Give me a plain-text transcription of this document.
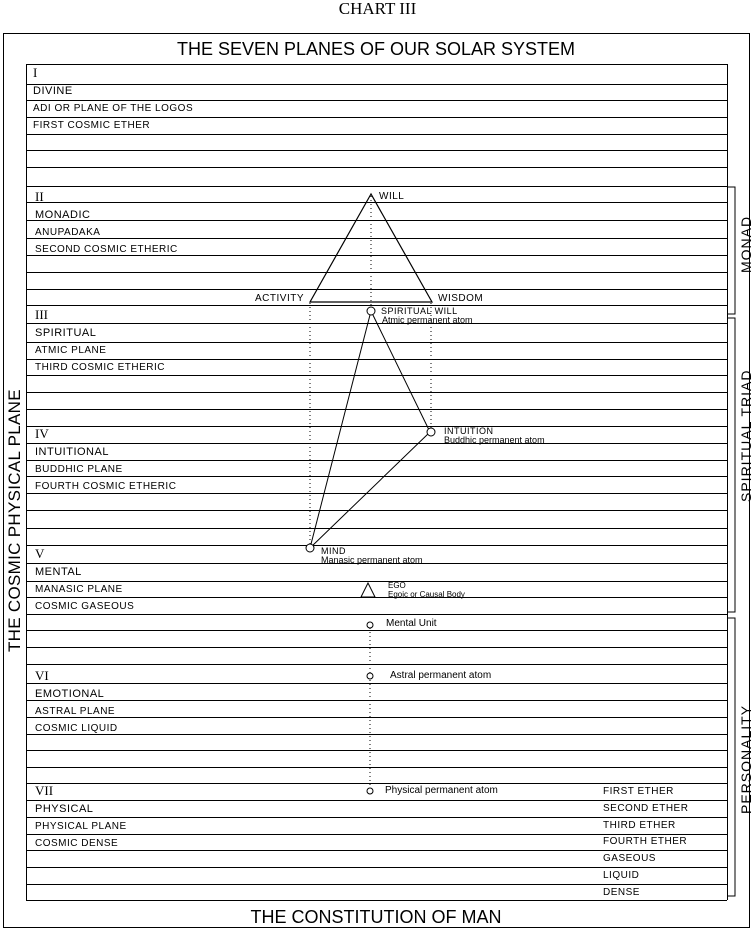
CHART III
THE SEVEN PLANES OF OUR SOLAR SYSTEM
THE CONSTITUTION OF MAN
I
DIVINE
ADI OR PLANE OF THE LOGOS
FIRST COSMIC ETHER
II
MONADIC
ANUPADAKA
SECOND COSMIC ETHERIC
III
SPIRITUAL
ATMIC PLANE
THIRD COSMIC ETHERIC
IV
INTUITIONAL
BUDDHIC PLANE
FOURTH COSMIC ETHERIC
V
MENTAL
MANASIC PLANE
COSMIC GASEOUS
VI
EMOTIONAL
ASTRAL PLANE
COSMIC LIQUID
VII
PHYSICAL
PHYSICAL PLANE
COSMIC DENSE
FIRST ETHER
SECOND ETHER
THIRD ETHER
FOURTH ETHER
GASEOUS
LIQUID
DENSE
THE COSMIC PHYSICAL PLANE
MONAD
SPIRITUAL TRIAD
PERSONALITY
WILL
ACTIVITY	WISDOM
SPIRITUAL WILL
Atmic permanent atom
INTUITION
Buddhic permanent atom
MIND
Manasic permanent atom
EGO
Egoic or Causal Body
Mental Unit
Astral permanent atom
Physical permanent atom
